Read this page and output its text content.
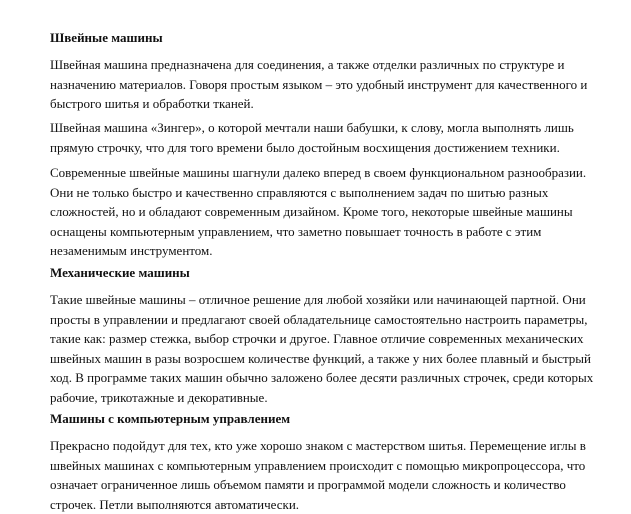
Швейные машины
Швейная машина предназначена для соединения, а также отделки различных по структуре и
назначению материалов. Говоря простым языком – это удобный инструмент для качественного и
быстрого шитья и обработки тканей.
Швейная машина «Зингер», о которой мечтали наши бабушки, к слову, могла выполнять лишь
прямую строчку, что для того времени было достойным восхищения достижением техники.
Современные швейные машины шагнули далеко вперед в своем функциональном разнообразии.
Они не только быстро и качественно справляются с выполнением задач по шитью разных
сложностей, но и обладают современным дизайном. Кроме того, некоторые швейные машины
оснащены компьютерным управлением, что заметно повышает точность в работе с этим
незаменимым инструментом.
Механические машины
Такие швейные машины – отличное решение для любой хозяйки или начинающей партной. Они
просты в управлении и предлагают своей обладательнице самостоятельно настроить параметры,
такие как: размер стежка, выбор строчки и другое. Главное отличие современных механических
швейных машин в разы возросшем количестве функций, а также у них более плавный и быстрый
ход. В программе таких машин обычно заложено более десяти различных строчек, среди которых
рабочие, трикотажные и декоративные.
Машины с компьютерным управлением
Прекрасно подойдут для тех, кто уже хорошо знаком с мастерством шитья. Перемещение иглы в
швейных машинах с компьютерным управлением происходит с помощью микропроцессора, что
означает ограниченное лишь объемом памяти и программой модели сложность и количество
строчек. Петли выполняются автоматически.
